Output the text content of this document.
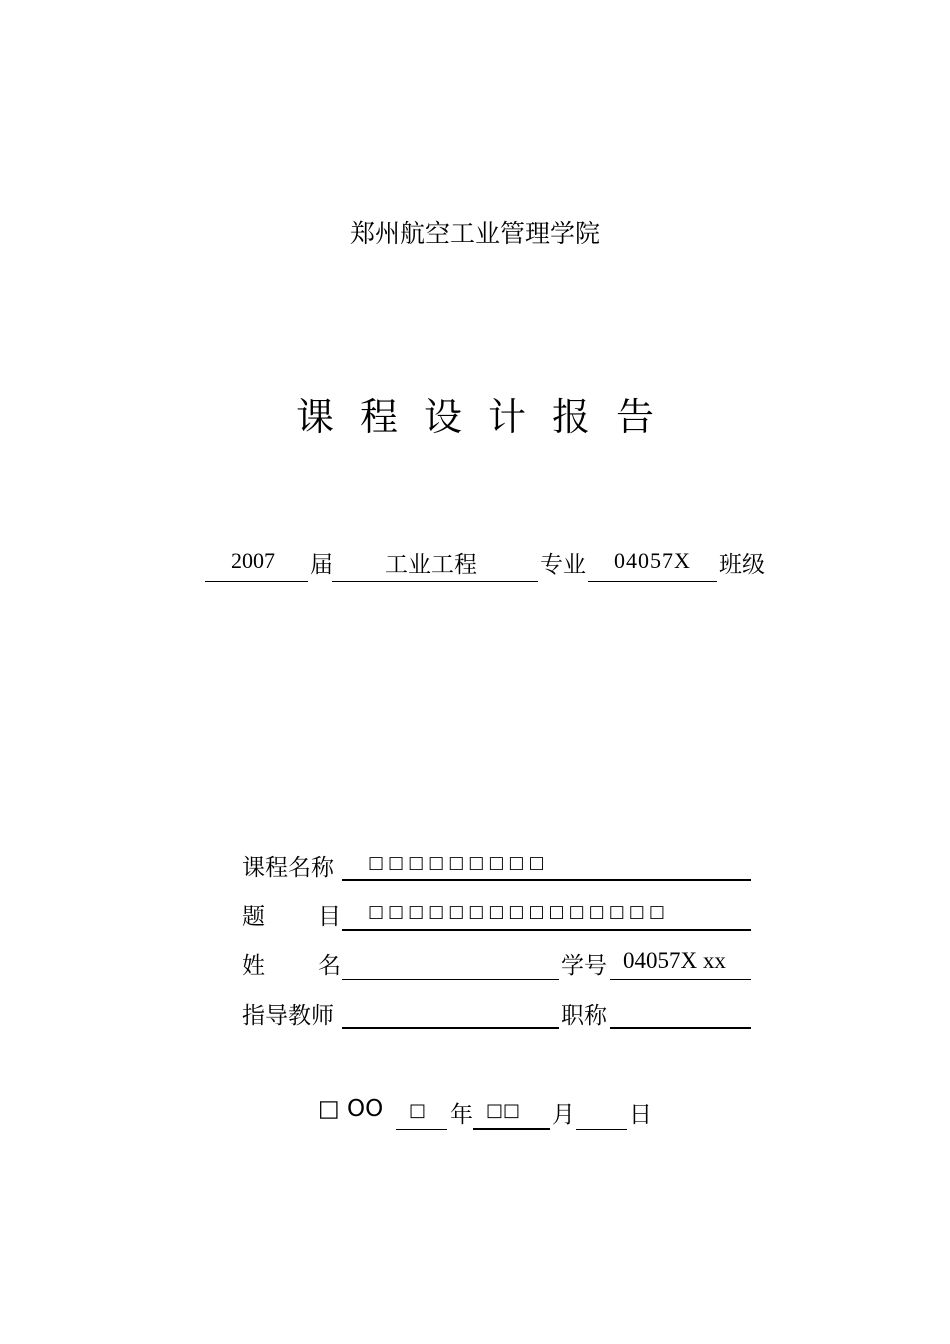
郑州航空工业管理学院
课程设计报告
2007 届 工业工程	专业 04057X 班级
课程名称 □□□□□□□□□
题 目 □□□□□□□□□□□□□□□
姓 名	学号 04057X xx
指导教师	职称
□ OO □ 年 □□ 月 日
